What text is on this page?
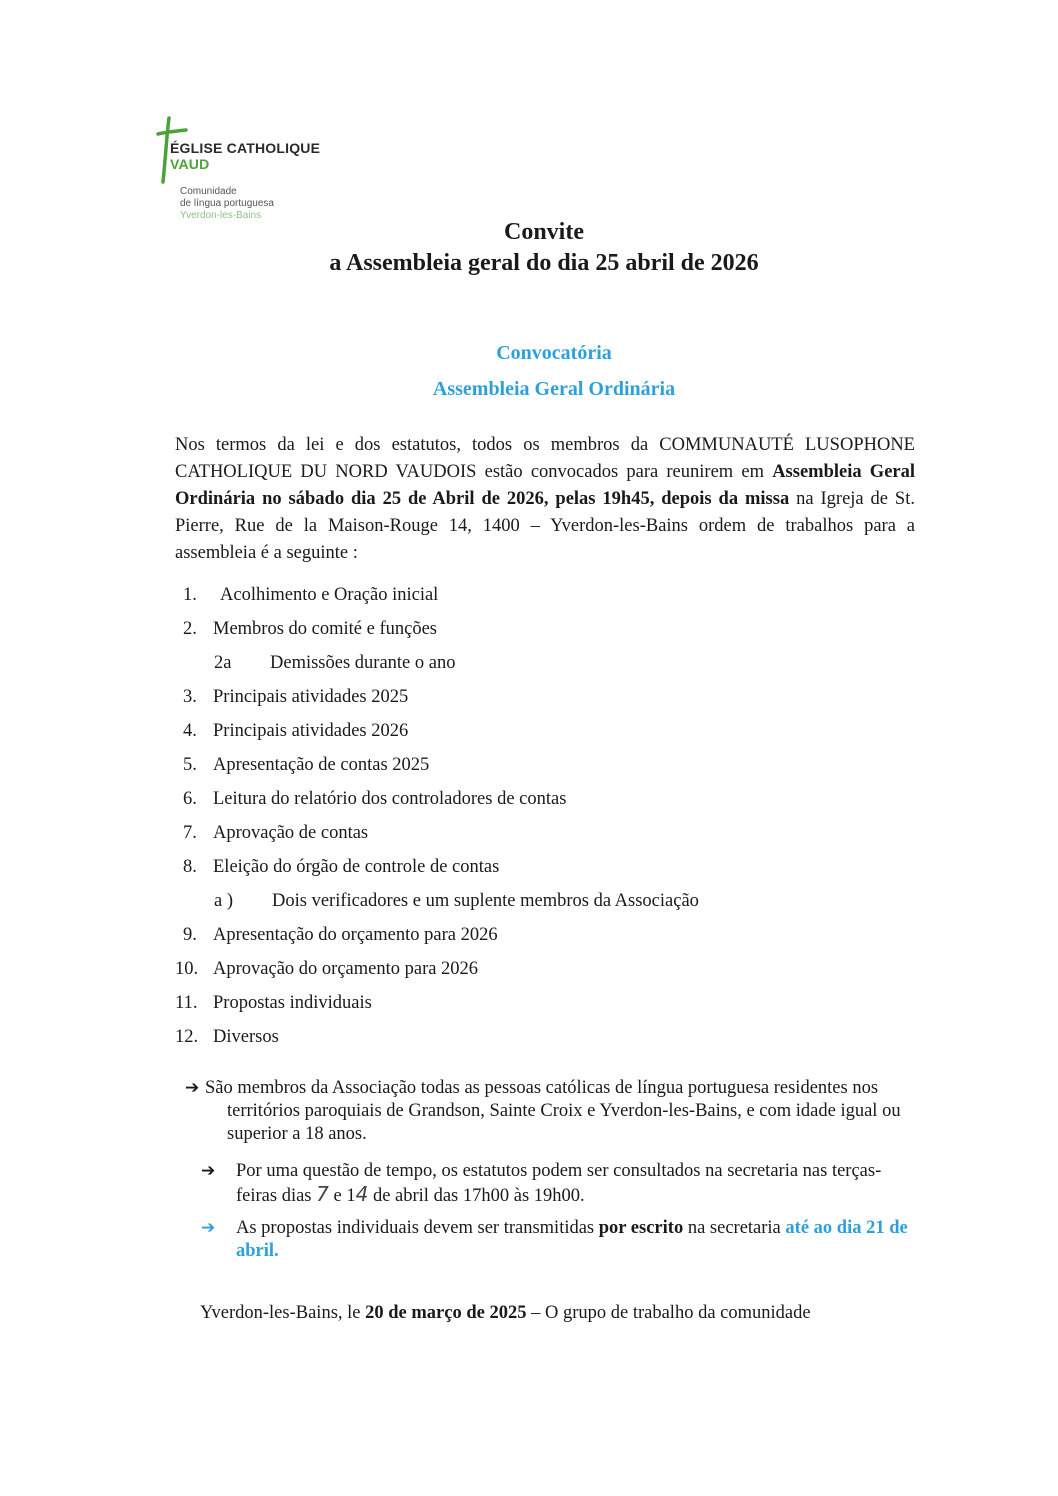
ÉGLISE CATHOLIQUE
VAUD
Comunidade
de língua portuguesa
Yverdon-les-Bains
Convite
a Assembleia geral do dia 25 abril de 2026
Convocatória
Assembleia Geral Ordinária
Nos termos da lei e dos estatutos, todos os membros da COMMUNAUTÉ LUSOPHONE CATHOLIQUE DU NORD VAUDOIS estão convocados para reunirem em Assembleia Geral Ordinária no sábado dia 25 de Abril de 2026, pelas 19h45, depois da missa na Igreja de St. Pierre, Rue de la Maison-Rouge 14, 1400 – Yverdon-les-Bains ordem de trabalhos para a assembleia é a seguinte :
1. Acolhimento e Oração inicial
2. Membros do comité e funções
2a Demissões durante o ano
3. Principais atividades 2025
4. Principais atividades 2026
5. Apresentação de contas 2025
6. Leitura do relatório dos controladores de contas
7. Aprovação de contas
8. Eleição do órgão de controle de contas
a ) Dois verificadores e um suplente membros da Associação
9. Apresentação do orçamento para 2026
10. Aprovação do orçamento para 2026
11. Propostas individuais
12. Diversos
➔ São membros da Associação todas as pessoas católicas de língua portuguesa residentes nos territórios paroquiais de Grandson, Sainte Croix e Yverdon-les-Bains, e com idade igual ou superior a 18 anos.
➔ Por uma questão de tempo, os estatutos podem ser consultados na secretaria nas terças-feiras dias 7 e 14 de abril das 17h00 às 19h00.
➔ As propostas individuais devem ser transmitidas por escrito na secretaria até ao dia 21 de abril.
Yverdon-les-Bains, le 20 de março de 2025 – O grupo de trabalho da comunidade
